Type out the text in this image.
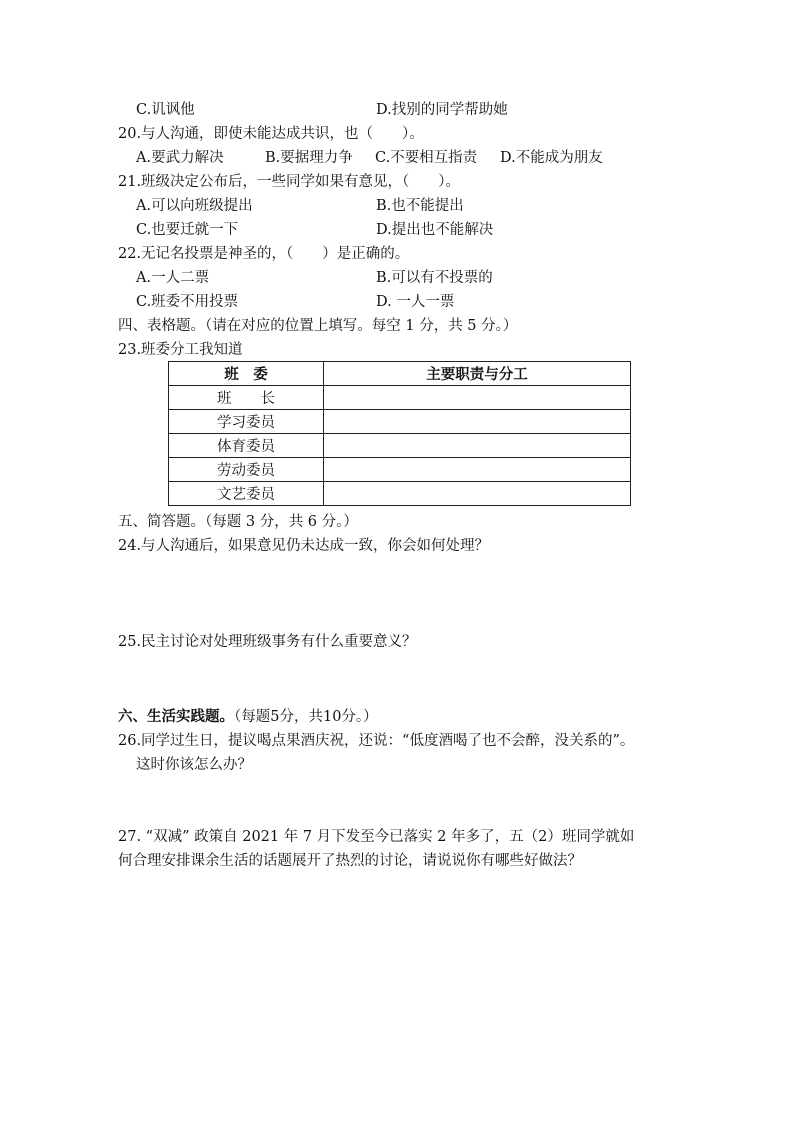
C.讥讽他	D.找别的同学帮助她
20.与人沟通，即使未能达成共识，也（　　）。
A.要武力解决	B.要据理力争 C.不要相互指责 D.不能成为朋友
21.班级决定公布后，一些同学如果有意见，（　　）。
A.可以向班级提出	B.也不能提出
C.也要迁就一下	D.提出也不能解决
22.无记名投票是神圣的，（　　）是正确的。
A.一人二票	B.可以有不投票的
C.班委不用投票	D. 一人一票
四、表格题。（请在对应的位置上填写。每空 1 分，共 5 分。）
23.班委分工我知道
班　委	主要职责与分工
班　　长	
学习委员	
体育委员	
劳动委员	
文艺委员	
五、简答题。（每题 3 分，共 6 分。）
24.与人沟通后，如果意见仍未达成一致，你会如何处理？
25.民主讨论对处理班级事务有什么重要意义？
六、生活实践题。（每题5分，共10分。）
26.同学过生日，提议喝点果酒庆祝，还说：“低度酒喝了也不会醉，没关系的”。
这时你该怎么办？
27. “双减” 政策自 2021 年 7 月下发至今已落实 2 年多了，五（2）班同学就如
何合理安排课余生活的话题展开了热烈的讨论，请说说你有哪些好做法？
